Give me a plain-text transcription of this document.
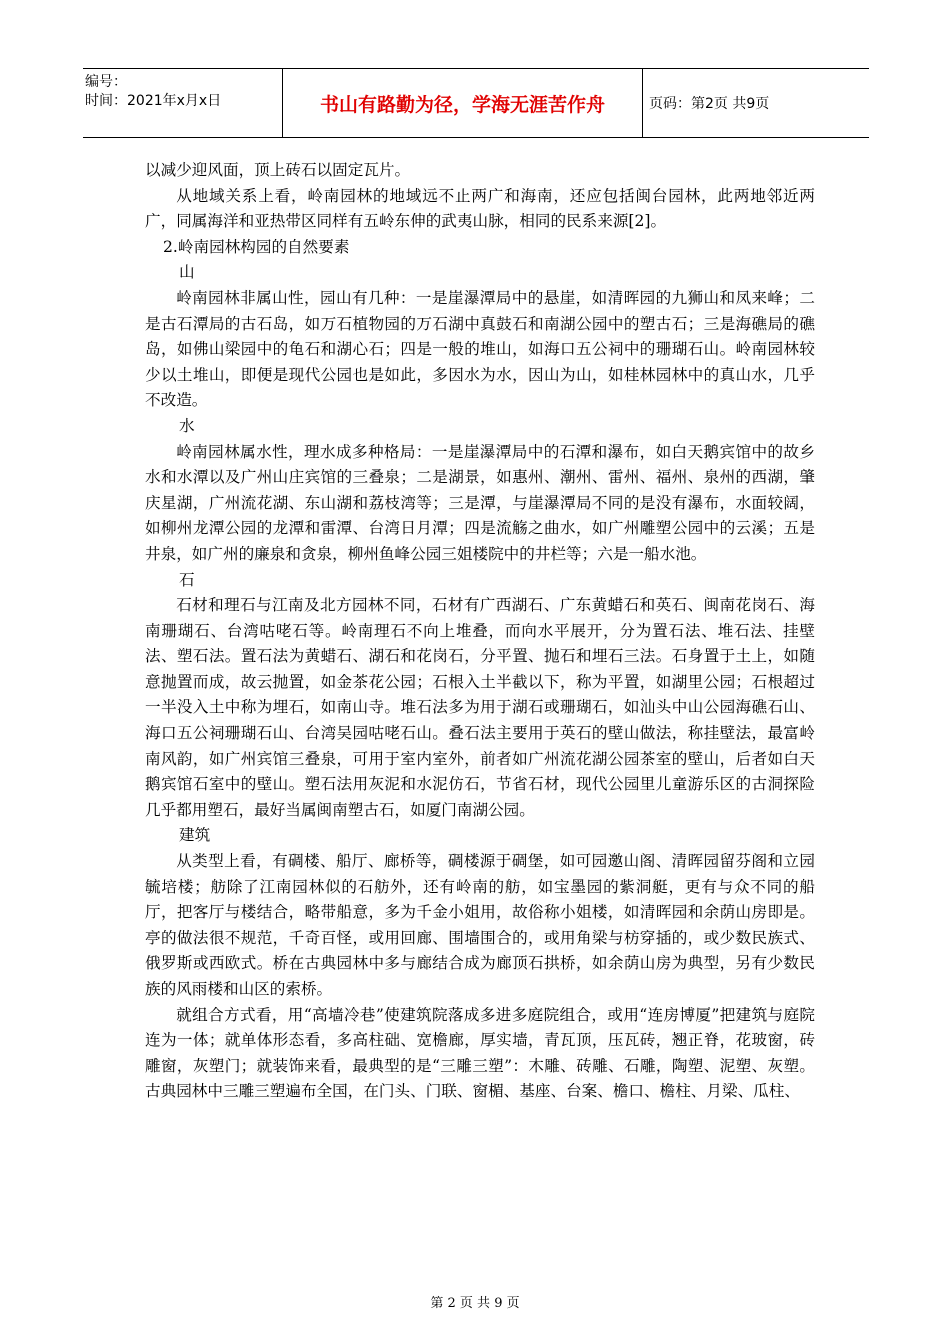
编号：
时间：2021年x月x日	书山有路勤为径，学海无涯苦作舟	页码：第2页 共9页

以减少迎风面，顶上砖石以固定瓦片。

从地域关系上看，岭南园林的地域远不止两广和海南，还应包括闽台园林，此两地邻近两广，同属海洋和亚热带区同样有五岭东伸的武夷山脉，相同的民系来源[2]。

2.岭南园林构园的自然要素

山

岭南园林非属山性，园山有几种：一是崖瀑潭局中的悬崖，如清晖园的九狮山和凤来峰；二是古石潭局的古石岛，如万石植物园的万石湖中真鼓石和南湖公园中的塑古石；三是海礁局的礁岛，如佛山梁园中的龟石和湖心石；四是一般的堆山，如海口五公祠中的珊瑚石山。岭南园林较少以土堆山，即便是现代公园也是如此，多因水为水，因山为山，如桂林园林中的真山水，几乎不改造。

水

岭南园林属水性，理水成多种格局：一是崖瀑潭局中的石潭和瀑布，如白天鹅宾馆中的故乡水和水潭以及广州山庄宾馆的三叠泉；二是湖景，如惠州、潮州、雷州、福州、泉州的西湖，肇庆星湖，广州流花湖、东山湖和荔枝湾等；三是潭，与崖瀑潭局不同的是没有瀑布，水面较阔，如柳州龙潭公园的龙潭和雷潭、台湾日月潭；四是流觞之曲水，如广州雕塑公园中的云溪；五是井泉，如广州的廉泉和贪泉，柳州鱼峰公园三姐楼院中的井栏等；六是一船水池。

石

石材和理石与江南及北方园林不同，石材有广西湖石、广东黄蜡石和英石、闽南花岗石、海南珊瑚石、台湾咕咾石等。岭南理石不向上堆叠，而向水平展开，分为置石法、堆石法、挂壁法、塑石法。置石法为黄蜡石、湖石和花岗石，分平置、抛石和埋石三法。石身置于土上，如随意抛置而成，故云抛置，如金茶花公园；石根入土半截以下，称为平置，如湖里公园；石根超过一半没入土中称为埋石，如南山寺。堆石法多为用于湖石或珊瑚石，如汕头中山公园海礁石山、海口五公祠珊瑚石山、台湾吴园咕咾石山。叠石法主要用于英石的壁山做法，称挂壁法，最富岭南风韵，如广州宾馆三叠泉，可用于室内室外，前者如广州流花湖公园茶室的壁山，后者如白天鹅宾馆石室中的壁山。塑石法用灰泥和水泥仿石，节省石材，现代公园里儿童游乐区的古洞探险几乎都用塑石，最好当属闽南塑古石，如厦门南湖公园。

建筑

从类型上看，有碉楼、船厅、廊桥等，碉楼源于碉堡，如可园邀山阁、清晖园留芬阁和立园毓培楼；舫除了江南园林似的石舫外，还有岭南的舫，如宝墨园的紫洞艇，更有与众不同的船厅，把客厅与楼结合，略带船意，多为千金小姐用，故俗称小姐楼，如清晖园和余荫山房即是。亭的做法很不规范，千奇百怪，或用回廊、围墙围合的，或用角梁与枋穿插的，或少数民族式、俄罗斯或西欧式。桥在古典园林中多与廊结合成为廊顶石拱桥，如余荫山房为典型，另有少数民族的风雨楼和山区的索桥。

就组合方式看，用“高墙冷巷”使建筑院落成多进多庭院组合，或用“连房博厦”把建筑与庭院连为一体；就单体形态看，多高柱础、宽檐廊，厚实墙，青瓦顶，压瓦砖，翘正脊，花玻窗，砖雕窗，灰塑门；就装饰来看，最典型的是“三雕三塑”：木雕、砖雕、石雕，陶塑、泥塑、灰塑。古典园林中三雕三塑遍布全国，在门头、门联、窗楣、基座、台案、檐口、檐柱、月梁、瓜柱、

第 2 页 共 9 页
